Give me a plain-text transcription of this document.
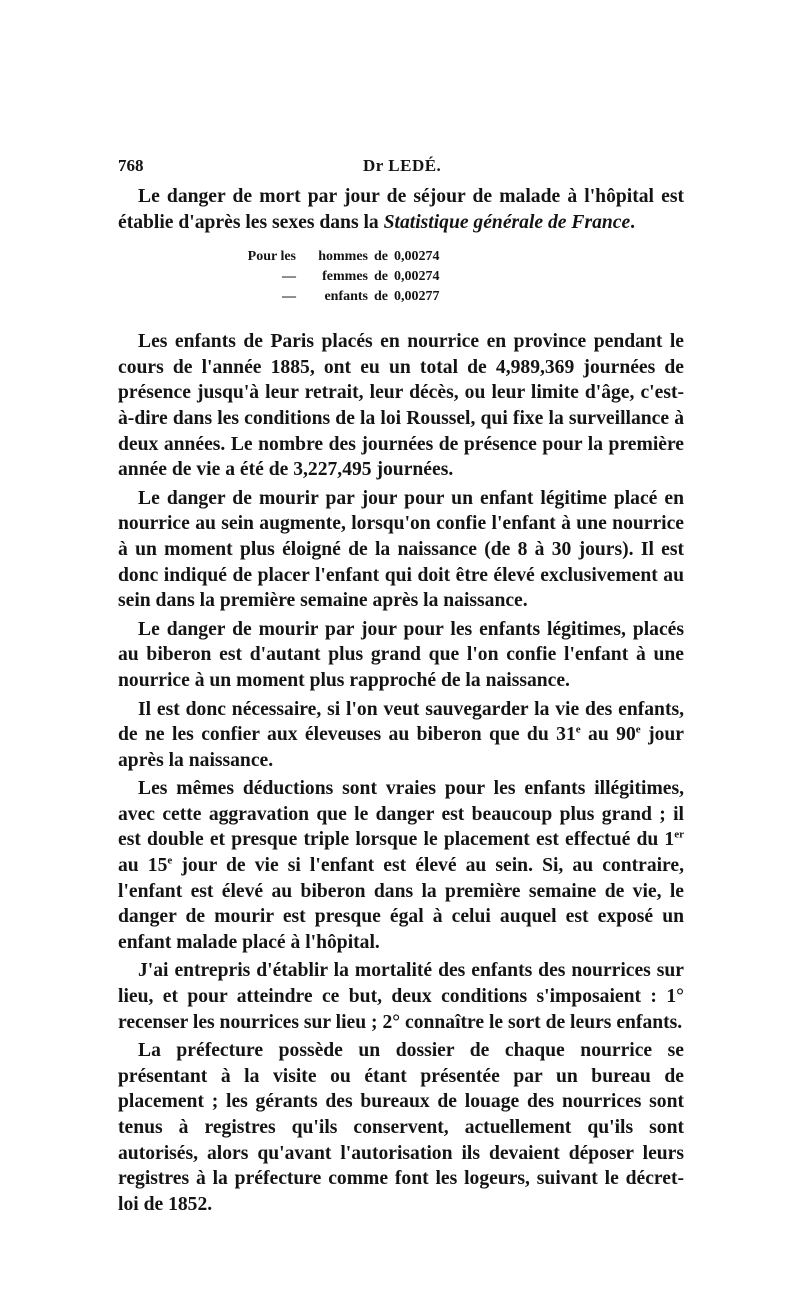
768	Dr LEDÉ.

Le danger de mort par jour de séjour de malade à l'hôpital est établie d'après les sexes dans la Statistique générale de France.

Pour les	hommes de 0,00274
—	femmes de 0,00274
—	enfants de 0,00277

Les enfants de Paris placés en nourrice en province pendant le cours de l'année 1885, ont eu un total de 4,989,369 journées de présence jusqu'à leur retrait, leur décès, ou leur limite d'âge, c'est-à-dire dans les conditions de la loi Roussel, qui fixe la surveillance à deux années. Le nombre des journées de présence pour la première année de vie a été de 3,227,495 journées.

Le danger de mourir par jour pour un enfant légitime placé en nourrice au sein augmente, lorsqu'on confie l'enfant à une nourrice à un moment plus éloigné de la naissance (de 8 à 30 jours). Il est donc indiqué de placer l'enfant qui doit être élevé exclusivement au sein dans la première semaine après la naissance.

Le danger de mourir par jour pour les enfants légitimes, placés au biberon est d'autant plus grand que l'on confie l'enfant à une nourrice à un moment plus rapproché de la naissance.

Il est donc nécessaire, si l'on veut sauvegarder la vie des enfants, de ne les confier aux éleveuses au biberon que du 31e au 90e jour après la naissance.

Les mêmes déductions sont vraies pour les enfants illégitimes, avec cette aggravation que le danger est beaucoup plus grand ; il est double et presque triple lorsque le placement est effectué du 1er au 15e jour de vie si l'enfant est élevé au sein. Si, au contraire, l'enfant est élevé au biberon dans la première semaine de vie, le danger de mourir est presque égal à celui auquel est exposé un enfant malade placé à l'hôpital.

J'ai entrepris d'établir la mortalité des enfants des nourrices sur lieu, et pour atteindre ce but, deux conditions s'imposaient : 1° recenser les nourrices sur lieu ; 2° connaître le sort de leurs enfants.

La préfecture possède un dossier de chaque nourrice se présentant à la visite ou étant présentée par un bureau de placement ; les gérants des bureaux de louage des nourrices sont tenus à registres qu'ils conservent, actuellement qu'ils sont autorisés, alors qu'avant l'autorisation ils devaient déposer leurs registres à la préfecture comme font les logeurs, suivant le décret-loi de 1852.
